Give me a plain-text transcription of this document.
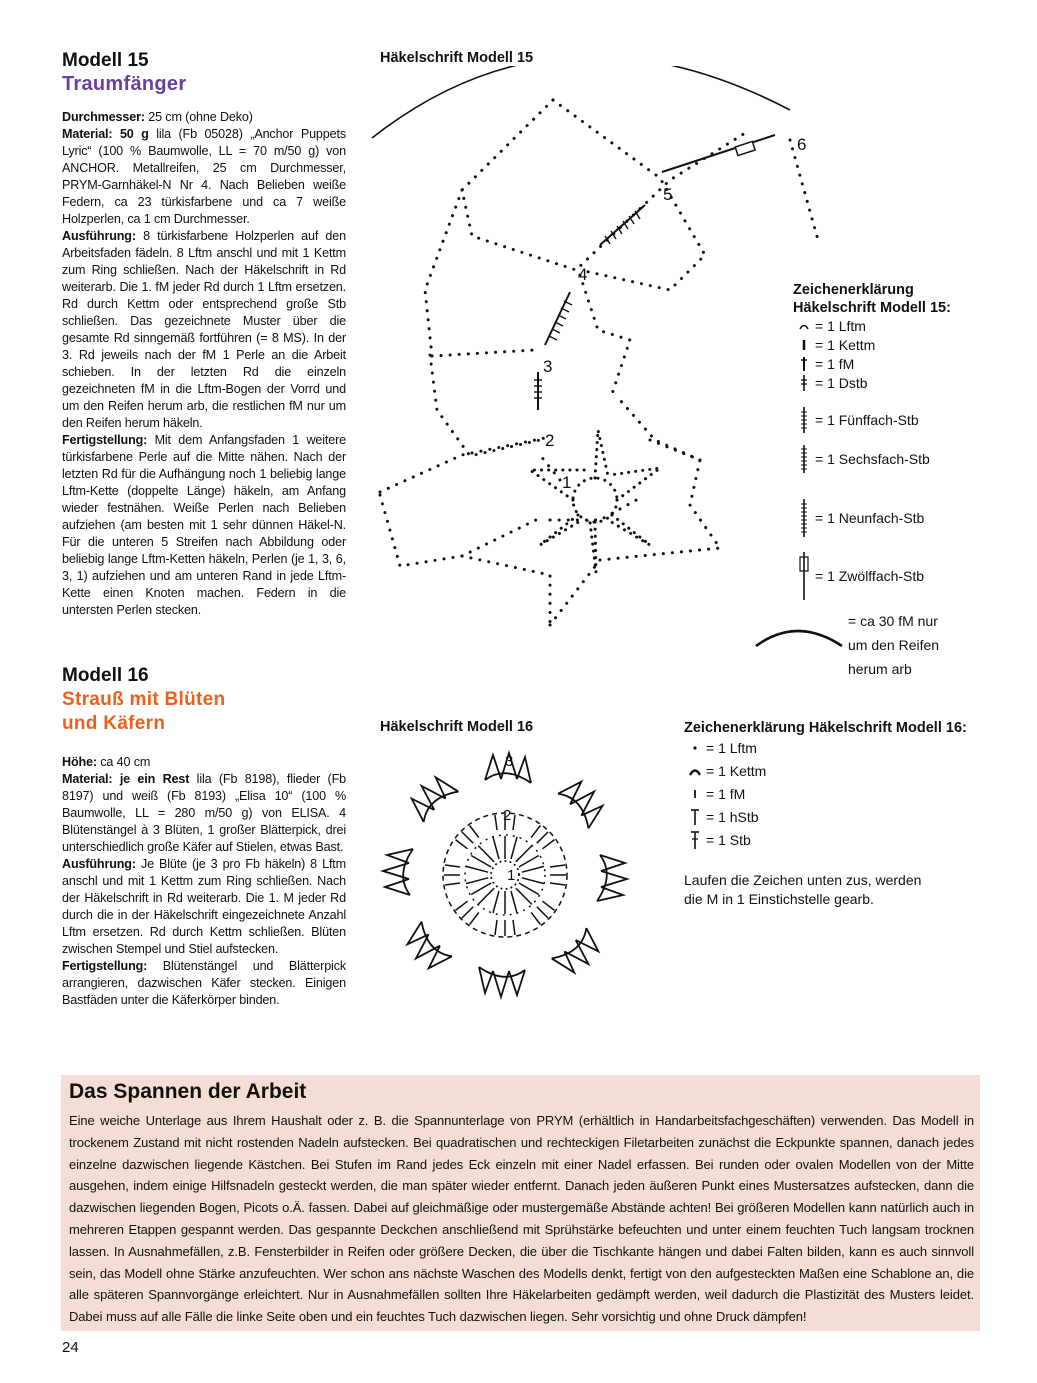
Modell 15
Traumfänger

Durchmesser: 25 cm (ohne Deko)

Material: 50 g lila (Fb 05028) „Anchor Puppets Lyric“ (100 % Baumwolle, LL = 70 m/50 g) von ANCHOR. Metallreifen, 25 cm Durchmesser, PRYM-Garnhäkel-N Nr 4. Nach Belieben weiße Federn, ca 23 türkisfarbene und ca 7 weiße Holzperlen, ca 1 cm Durchmesser.

Ausführung: 8 türkisfarbene Holzperlen auf den Arbeitsfaden fädeln. 8 Lftm anschl und mit 1 Kettm zum Ring schließen. Nach der Häkelschrift in Rd weiterarb. Die 1. fM jeder Rd durch 1 Lftm ersetzen. Rd durch Kettm oder entsprechend große Stb schließen. Das gezeichnete Muster über die gesamte Rd sinngemäß fortführen (= 8 MS). In der 3. Rd jeweils nach der fM 1 Perle an die Arbeit schieben. In der letzten Rd die einzeln gezeichneten fM in die Lftm-Bogen der Vorrd und um den Reifen herum arb, die restlichen fM nur um den Reifen herum häkeln.

Fertigstellung: Mit dem Anfangsfaden 1 weitere türkisfarbene Perle auf die Mitte nähen. Nach der letzten Rd für die Aufhängung noch 1 beliebig lange Lftm-Kette (doppelte Länge) häkeln, am Anfang wieder festnähen. Weiße Perlen nach Belieben aufziehen (am besten mit 1 sehr dünnen Häkel-N. Für die unteren 5 Streifen nach Abbildung oder beliebig lange Lftm-Ketten häkeln, Perlen (je 1, 3, 6, 3, 1) aufziehen und am unteren Rand in jede Lftm-Kette einen Knoten machen. Federn in die untersten Perlen stecken.

Häkelschrift Modell 15
1
2
3
4
5
6
Zeichenerklärung
Häkelschrift Modell 15:
= 1 Lftm
= 1 Kettm
= 1 fM
= 1 Dstb
= 1 Fünffach-Stb
= 1 Sechsfach-Stb
= 1 Neunfach-Stb
= 1 Zwölffach-Stb
= ca 30 fM nur
um den Reifen
herum arb
Modell 16
Strauß mit Blüten
und Käfern

Höhe: ca 40 cm

Material: je ein Rest lila (Fb 8198), flieder (Fb 8197) und weiß (Fb 8193) „Elisa 10“ (100 % Baumwolle, LL = 280 m/50 g) von ELISA. 4 Blütenstängel à 3 Blüten, 1 großer Blätterpick, drei unterschiedlich große Käfer auf Stielen, etwas Bast.

Ausführung: Je Blüte (je 3 pro Fb häkeln) 8 Lftm anschl und mit 1 Kettm zum Ring schließen. Nach der Häkelschrift in Rd weiterarb. Die 1. M jeder Rd durch die in der Häkelschrift eingezeichnete Anzahl Lftm ersetzen. Rd durch Kettm schließen. Blüten zwischen Stempel und Stiel aufstecken.

Fertigstellung: Blütenstängel und Blätterpick arrangieren, dazwischen Käfer stecken. Einigen Bastfäden unter die Käferkörper binden.

Häkelschrift Modell 16
1
2
3
Zeichenerklärung Häkelschrift Modell 16:
= 1 Lftm
= 1 Kettm
= 1 fM
= 1 hStb
= 1 Stb
Laufen die Zeichen unten zus, werden die M in 1 Einstichstelle gearb.
Das Spannen der Arbeit
Eine weiche Unterlage aus Ihrem Haushalt oder z. B. die Spannunterlage von PRYM (erhältlich in Handarbeitsfachgeschäften) verwenden. Das Modell in trockenem Zustand mit nicht rostenden Nadeln aufstecken. Bei quadratischen und rechteckigen Filetarbeiten zunächst die Eckpunkte spannen, danach jedes einzelne dazwischen liegende Kästchen. Bei Stufen im Rand jedes Eck einzeln mit einer Nadel erfassen. Bei runden oder ovalen Modellen von der Mitte ausgehen, indem einige Hilfsnadeln gesteckt werden, die man später wieder entfernt. Danach jeden äußeren Punkt eines Mustersatzes aufstecken, dann die dazwischen liegenden Bogen, Picots o.Ä. fassen. Dabei auf gleichmäßige oder mustergemäße Abstände achten! Bei größeren Modellen kann natürlich auch in mehreren Etappen gespannt werden. Das gespannte Deckchen anschließend mit Sprühstärke befeuchten und unter einem feuchten Tuch langsam trocknen lassen. In Ausnahmefällen, z.B. Fensterbilder in Reifen oder größere Decken, die über die Tischkante hängen und dabei Falten bilden, kann es auch sinnvoll sein, das Modell ohne Stärke anzufeuchten. Wer schon ans nächste Waschen des Modells denkt, fertigt von den aufgesteckten Maßen eine Schablone an, die alle späteren Spannvorgänge erleichtert. Nur in Ausnahmefällen sollten Ihre Häkelarbeiten gedämpft werden, weil dadurch die Plastizität des Musters leidet. Dabei muss auf alle Fälle die linke Seite oben und ein feuchtes Tuch dazwischen liegen. Sehr vorsichtig und ohne Druck dämpfen!
24
